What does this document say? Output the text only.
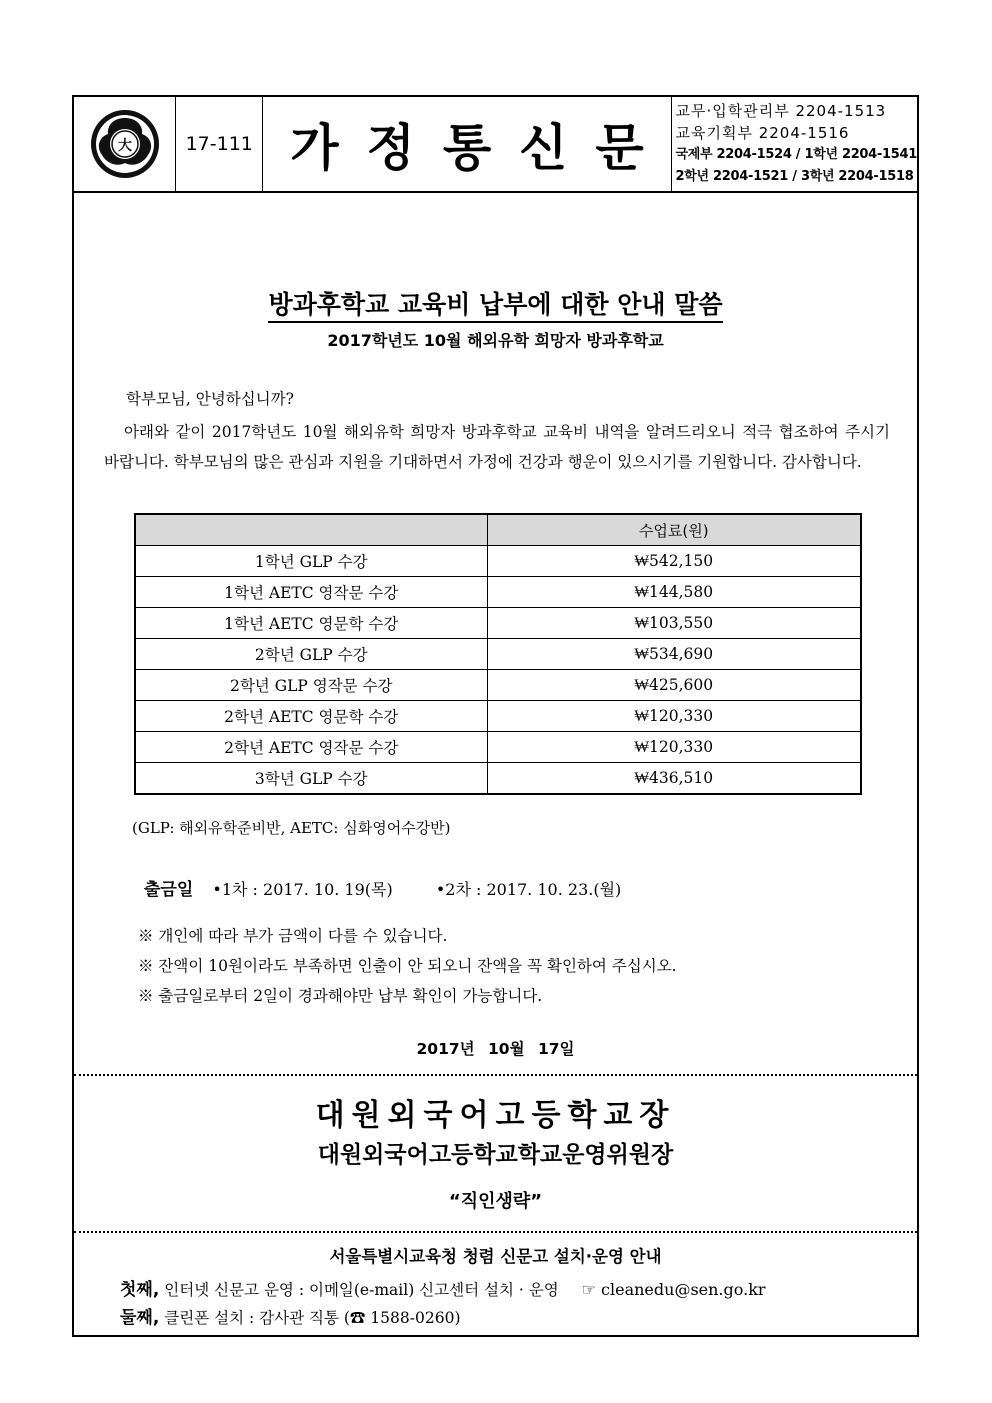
大	17-111 가정통신문
교무·입학관리부 2204-1513
교육기획부 2204-1516
국제부 2204-1524 / 1학년 2204-1541
2학년 2204-1521 / 3학년 2204-1518
방과후학교 교육비 납부에 대한 안내 말씀
2017학년도 10월 해외유학 희망자 방과후학교
학부모님, 안녕하십니까?
아래와 같이 2017학년도 10월 해외유학 희망자 방과후학교 교육비 내역을 알려드리오니 적극 협조하여 주시기 바랍니다. 학부모님의 많은 관심과 지원을 기대하면서 가정에 건강과 행운이 있으시기를 기원합니다. 감사합니다.
	수업료(원)
1학년 GLP 수강	₩542,150
1학년 AETC 영작문 수강	₩144,580
1학년 AETC 영문학 수강	₩103,550
2학년 GLP 수강	₩534,690
2학년 GLP 영작문 수강	₩425,600
2학년 AETC 영문학 수강	₩120,330
2학년 AETC 영작문 수강	₩120,330
3학년 GLP 수강	₩436,510
(GLP: 해외유학준비반, AETC: 심화영어수강반)
출금일 •1차 : 2017. 10. 19(목)	•2차 : 2017. 10. 23.(월)
※ 개인에 따라 부가 금액이 다를 수 있습니다.
※ 잔액이 10원이라도 부족하면 인출이 안 되오니 잔액을 꼭 확인하여 주십시오.
※ 출금일로부터 2일이 경과해야만 납부 확인이 가능합니다.
2017년 10월 17일
대원외국어고등학교장
대원외국어고등학교학교운영위원장
“직인생략”
서울특별시교육청 청렴 신문고 설치·운영 안내
첫째, 인터넷 신문고 운영 : 이메일(e-mail) 신고센터 설치 · 운영 ☞ cleanedu@sen.go.kr
둘째, 클린폰 설치 : 감사관 직통 (☎ 1588-0260)
